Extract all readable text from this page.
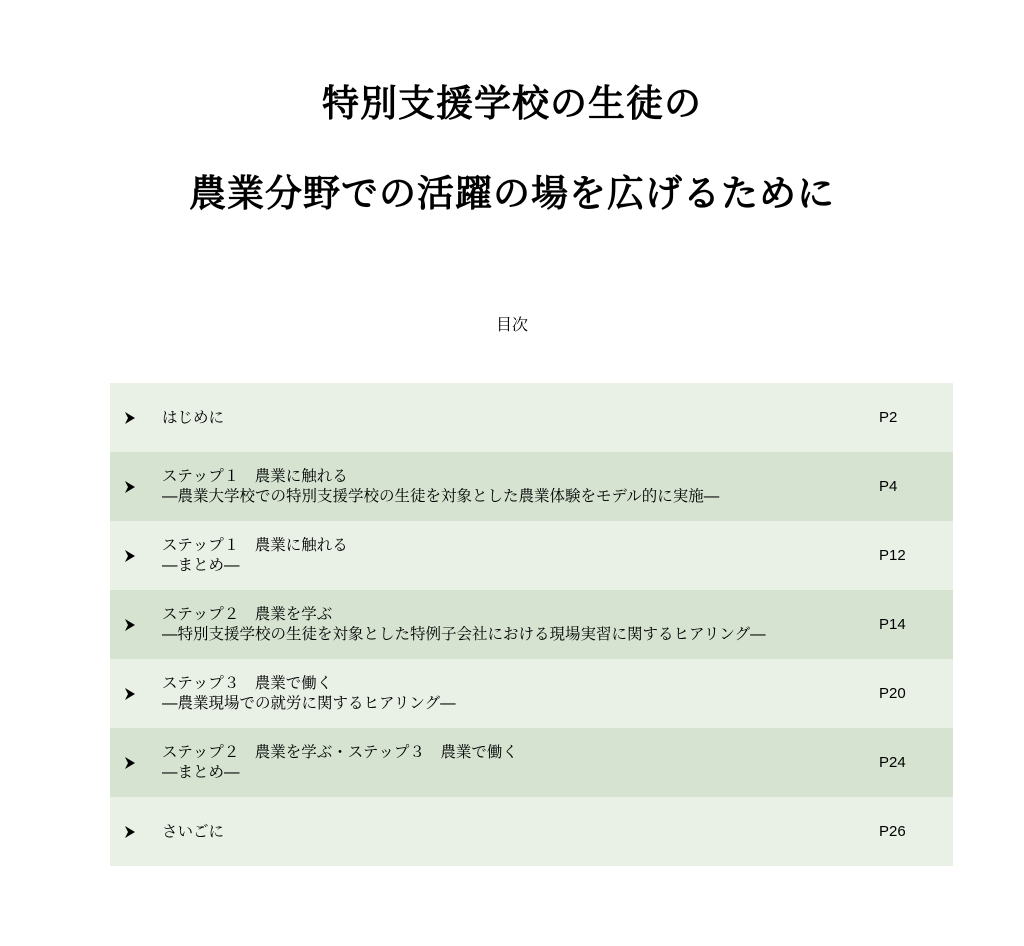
特別支援学校の生徒の
農業分野での活躍の場を広げるために
目次
はじめに	P2
ステップ１　農業に触れる
―農業大学校での特別支援学校の生徒を対象とした農業体験をモデル的に実施―
P4
ステップ１　農業に触れる
―まとめ―
P12
ステップ２　農業を学ぶ
―特別支援学校の生徒を対象とした特例子会社における現場実習に関するヒアリング―
P14
ステップ３　農業で働く
―農業現場での就労に関するヒアリング―
P20
ステップ２　農業を学ぶ・ステップ３　農業で働く
―まとめ―
P24
さいごに	P26
